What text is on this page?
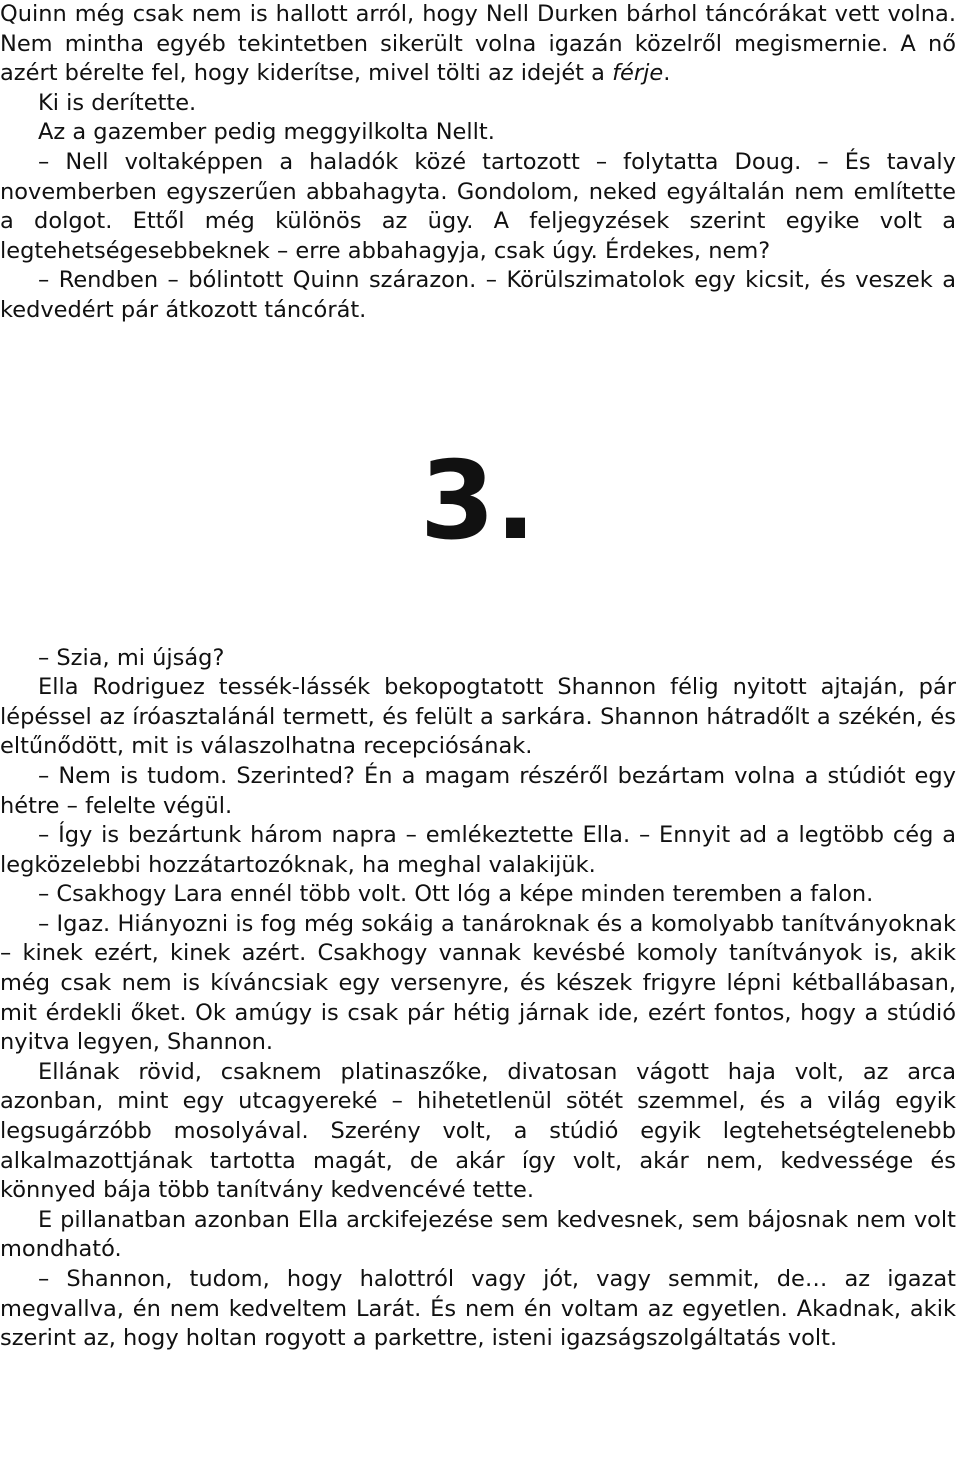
Quinn még csak nem is hallott arról, hogy Nell Durken bárhol táncórákat vett volna. Nem mintha egyéb tekintetben sikerült volna igazán közelről megismernie. A nő azért bérelte fel, hogy kiderítse, mivel tölti az idejét a férje.

Ki is derítette.

Az a gazember pedig meggyilkolta Nellt.

– Nell voltaképpen a haladók közé tartozott – folytatta Doug. – És tavaly novemberben egyszerűen abbahagyta. Gondolom, neked egyáltalán nem említette a dolgot. Ettől még különös az ügy. A feljegyzések szerint egyike volt a legtehetségesebbeknek – erre abbahagyja, csak úgy. Érdekes, nem?

– Rendben – bólintott Quinn szárazon. – Körülszimatolok egy kicsit, és veszek a kedvedért pár átkozott táncórát.

3.

– Szia, mi újság?

Ella Rodriguez tessék-lássék bekopogtatott Shannon félig nyitott ajtaján, pár lépéssel az íróasztalánál termett, és felült a sarkára. Shannon hátradőlt a székén, és eltűnődött, mit is válaszolhatna recepciósának.

– Nem is tudom. Szerinted? Én a magam részéről bezártam volna a stúdiót egy hétre – felelte végül.

– Így is bezártunk három napra – emlékeztette Ella. – Ennyit ad a legtöbb cég a legközelebbi hozzátartozóknak, ha meghal valakijük.

– Csakhogy Lara ennél több volt. Ott lóg a képe minden teremben a falon.

– Igaz. Hiányozni is fog még sokáig a tanároknak és a komolyabb tanítványoknak – kinek ezért, kinek azért. Csakhogy vannak kevésbé komoly tanítványok is, akik még csak nem is kíváncsiak egy versenyre, és készek frigyre lépni kétballábasan, mit érdekli őket. Ok amúgy is csak pár hétig járnak ide, ezért fontos, hogy a stúdió nyitva legyen, Shannon.

Ellának rövid, csaknem platinaszőke, divatosan vágott haja volt, az arca azonban, mint egy utcagyereké – hihetetlenül sötét szemmel, és a világ egyik legsugárzóbb mosolyával. Szerény volt, a stúdió egyik legtehetségtelenebb alkalmazottjának tartotta magát, de akár így volt, akár nem, kedvessége és könnyed bája több tanítvány kedvencévé tette.

E pillanatban azonban Ella arckifejezése sem kedvesnek, sem bájosnak nem volt mondható.

– Shannon, tudom, hogy halottról vagy jót, vagy semmit, de… az igazat megvallva, én nem kedveltem Larát. És nem én voltam az egyetlen. Akadnak, akik szerint az, hogy holtan rogyott a parkettre, isteni igazságszolgáltatás volt.
